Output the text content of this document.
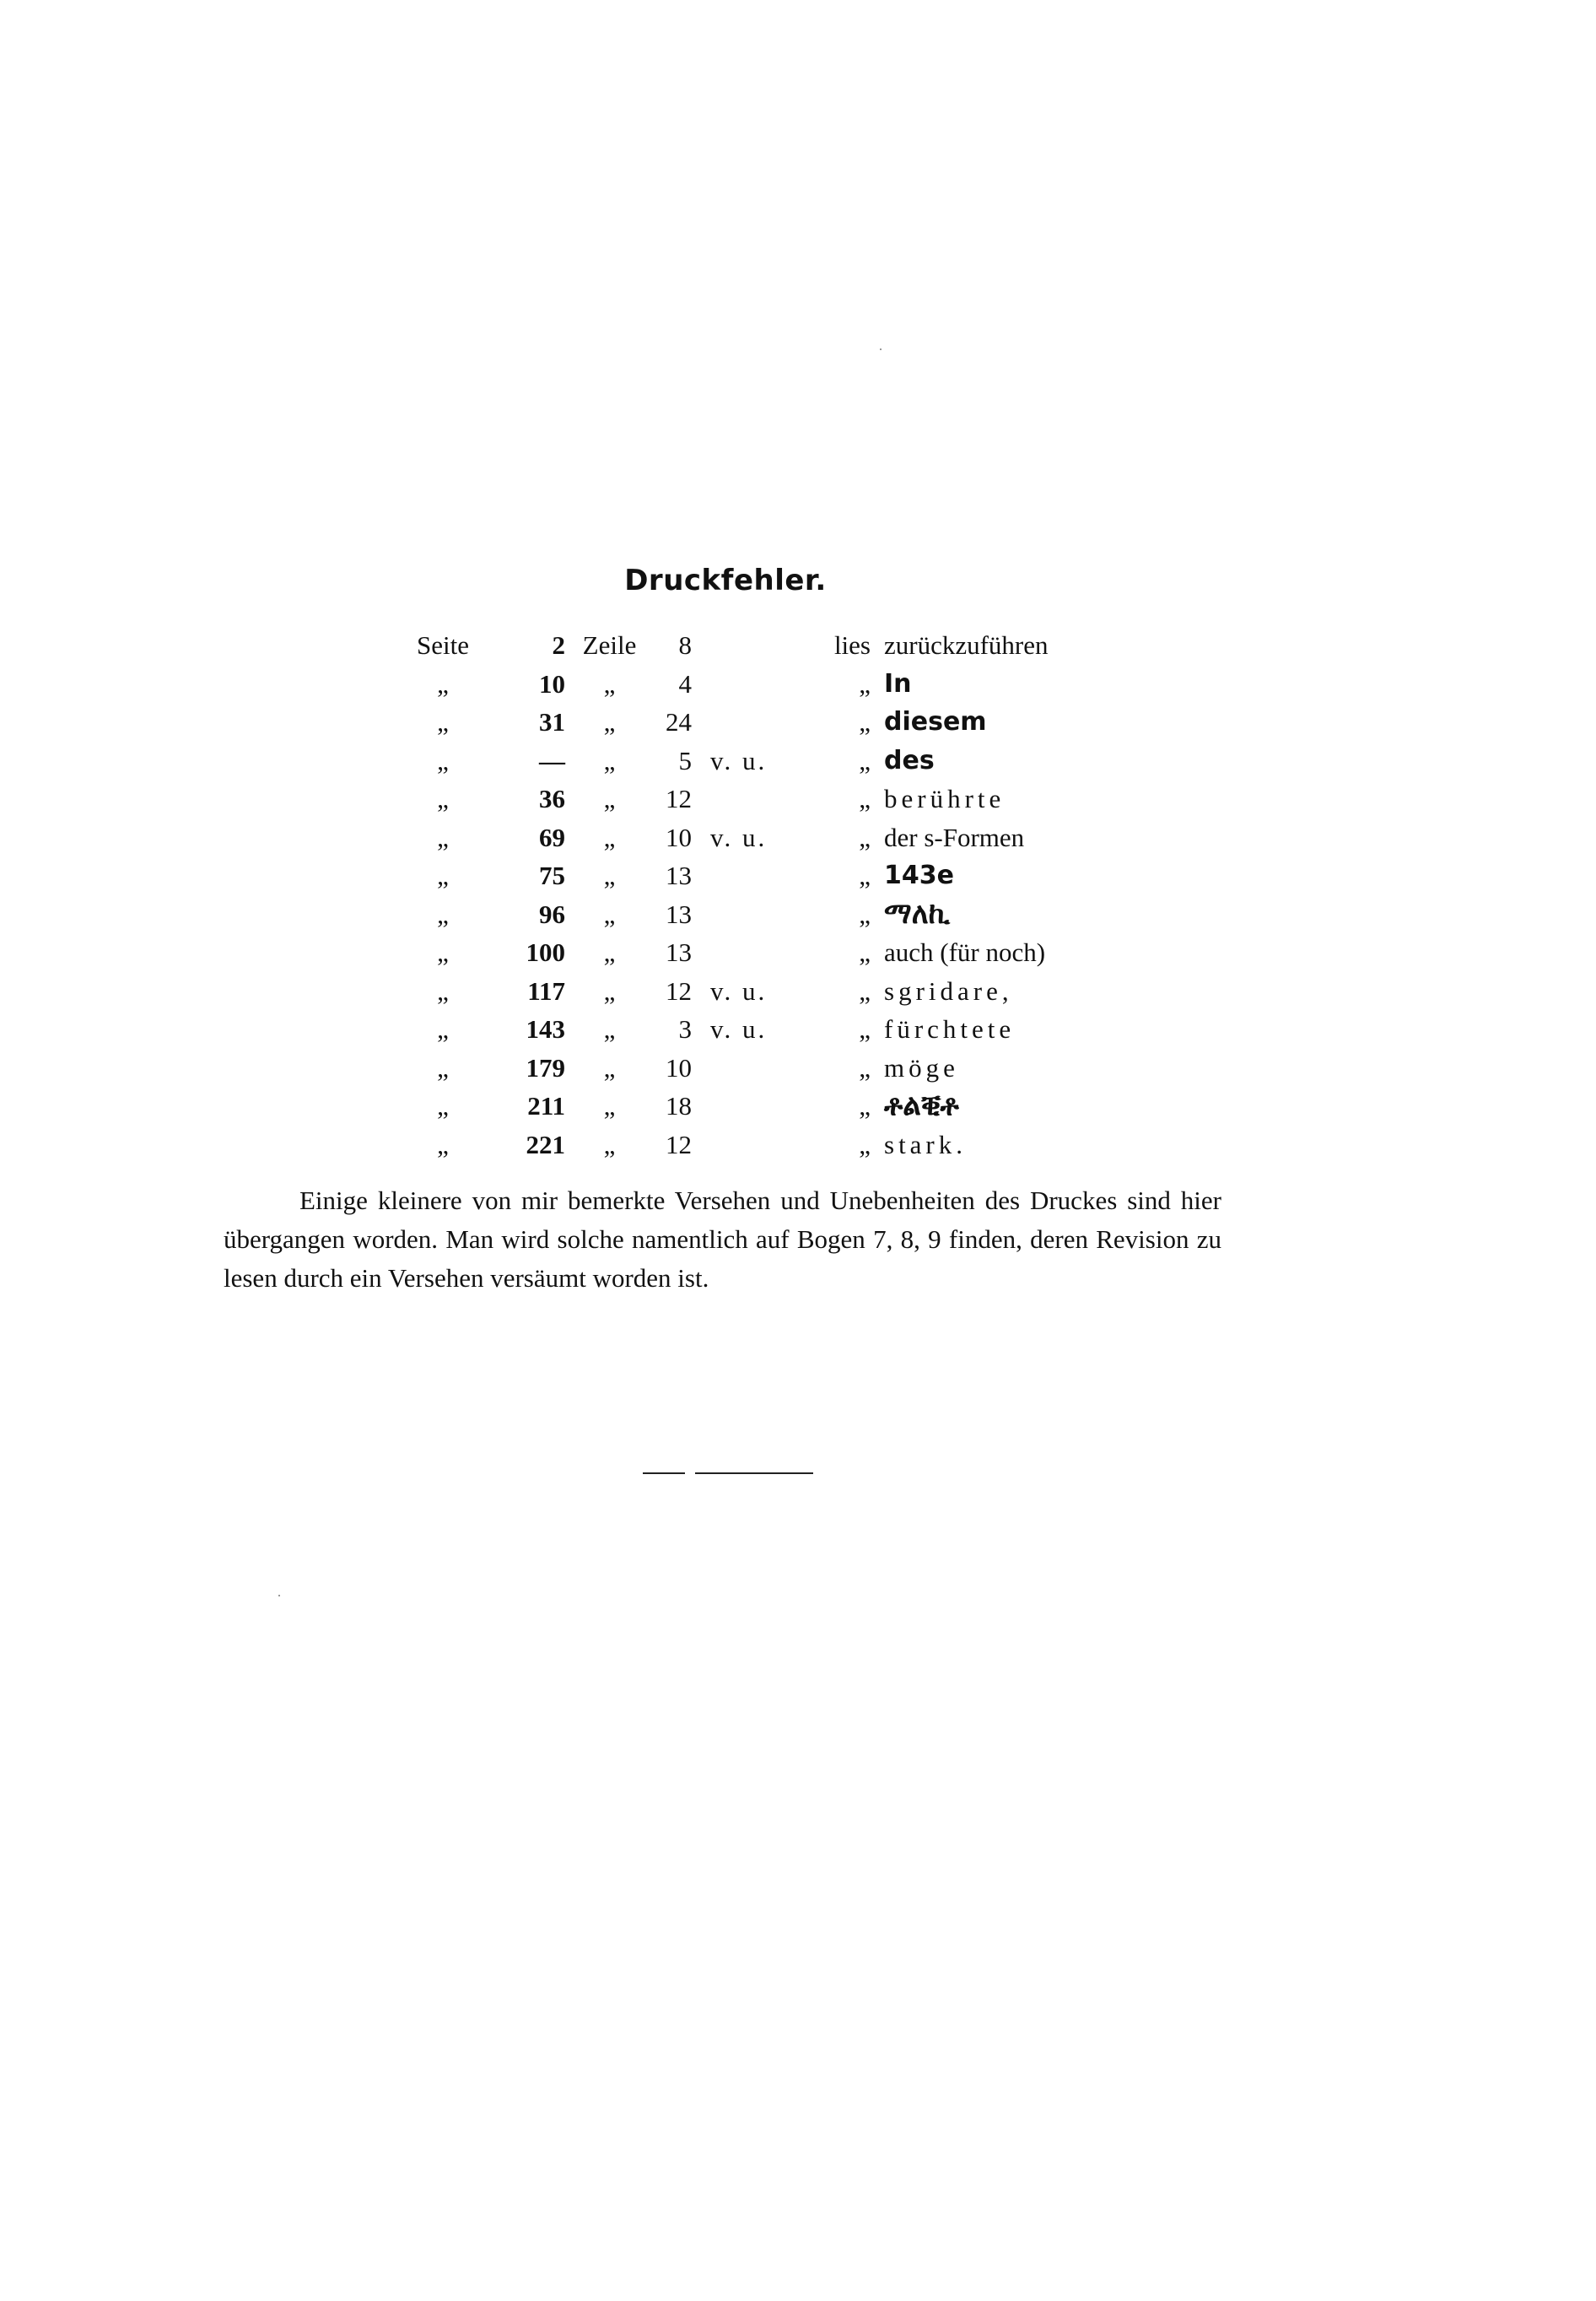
Druckfehler.
Seite	2	Zeile	8		lies	zurückzuführen
„	10	„	4		„	In
„	31	„	24		„	diesem
„	—	„	5	v. u.	„	des
„	36	„	12		„	berührte
„	69	„	10	v. u.	„	der s-Formen
„	75	„	13		„	143e
„	96	„	13		„	ማለኪ
„	100	„	13		„	auch (für noch)
„	117	„	12	v. u.	„	sgridare,
„	143	„	3	v. u.	„	fürchtete
„	179	„	10		„	möge
„	211	„	18		„	ቶልቒቶ
„	221	„	12		„	stark.

Einige kleinere von mir bemerkte Versehen und Unebenheiten des Druckes sind hier übergangen worden. Man wird solche namentlich auf Bogen 7, 8, 9 finden, deren Revision zu lesen durch ein Versehen versäumt worden ist.
